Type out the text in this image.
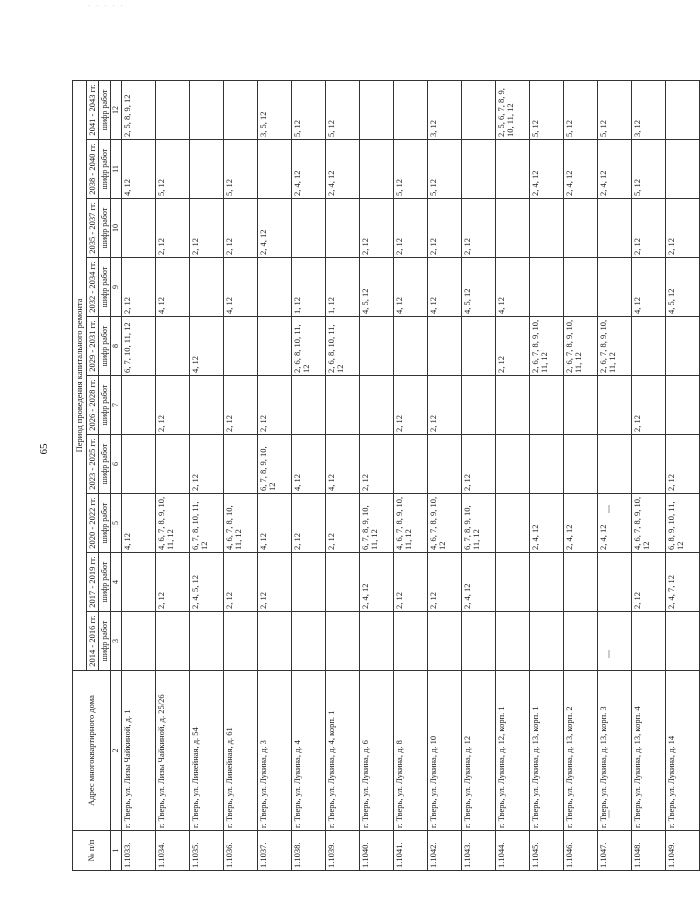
· · · · ·
65
№ п/п	Адрес многоквартирного дома	Период проведения капитального ремонта									
		2014 - 2016 гг.	2017 - 2019 гг.	2020 - 2022 гг.	2023 - 2025 гг.	2026 - 2028 гг.	2029 - 2031 гг.	2032 - 2034 гг.	2035 - 2037 гг.	2038 - 2040 гг.	2041 - 2043 гг.
		шифр работ	шифр работ	шифр работ	шифр работ	шифр работ	шифр работ	шифр работ	шифр работ	шифр работ	шифр работ
1	2	3	4	5	6	7	8	9	10	11	12
1.1033.	г. Тверь, ул. Лизы Чайкиной, д. 1			4, 12			6, 7, 10, 11, 12	2, 12		4, 12	2, 5, 8, 9, 12
1.1034.	г. Тверь, ул. Лизы Чайкиной, д. 25/26		2, 12	4, 6, 7, 8, 9, 10, 11, 12		2, 12		4, 12	2, 12	5, 12	
1.1035.	г. Тверь, ул. Линейная, д. 54		2, 4, 5, 12	6, 7, 8, 10, 11, 12	2, 12		4, 12		2, 12		
1.1036.	г. Тверь, ул. Линейная, д. 61		2, 12	4, 6, 7, 8, 10, 11, 12		2, 12		4, 12	2, 12	5, 12	
1.1037.	г. Тверь, ул. Лукина, д. 3		2, 12	4, 12	6, 7, 8, 9, 10, 12	2, 12			2, 4, 12		3, 5, 12
1.1038.	г. Тверь, ул. Лукина, д. 4			2, 12	4, 12		2, 6, 8, 10, 11, 12	1, 12		2, 4, 12	5, 12
1.1039.	г. Тверь, ул. Лукина, д. 4, корп. 1			2, 12	4, 12		2, 6, 8, 10, 11, 12	1, 12		2, 4, 12	5, 12
1.1040.	г. Тверь, ул. Лукина, д. 6		2, 4, 12	6, 7, 8, 9, 10, 11, 12	2, 12			4, 5, 12	2, 12		
1.1041.	г. Тверь, ул. Лукина, д. 8		2, 12	4, 6, 7, 8, 9, 10, 11, 12		2, 12		4, 12	2, 12	5, 12	
1.1042.	г. Тверь, ул. Лукина, д. 10		2, 12	4, 6, 7, 8, 9, 10, 12		2, 12		4, 12	2, 12	5, 12	3, 12
1.1043.	г. Тверь, ул. Лукина, д. 12		2, 4, 12	6, 7, 8, 9, 10, 11, 12	2, 12			4, 5, 12	2, 12		
1.1044.	г. Тверь, ул. Лукина, д. 12, корп. 1						2, 12	4, 12			2, 5, 6, 7, 8, 9, 10, 11, 12
1.1045.	г. Тверь, ул. Лукина, д. 13, корп. 1			2, 4, 12			2, 6, 7, 8, 9, 10, 11, 12			2, 4, 12	5, 12
1.1046.	г. Тверь, ул. Лукина, д. 13, корп. 2			2, 4, 12			2, 6, 7, 8, 9, 10, 11, 12			2, 4, 12	5, 12
1.1047.	г. Тверь, ул. Лукина, д. 13, корп. 3			2, 4, 12			2, 6, 7, 8, 9, 10, 11, 12			2, 4, 12	5, 12
1.1048.	г. Тверь, ул. Лукина, д. 13, корп. 4		2, 12	4, 6, 7, 8, 9, 10, 12		2, 12		4, 12	2, 12	5, 12	3, 12
1.1049.	г. Тверь, ул. Лукина, д. 14		2, 4, 7, 12	6, 8, 9, 10, 11, 12	2, 12			4, 5, 12	2, 12		
